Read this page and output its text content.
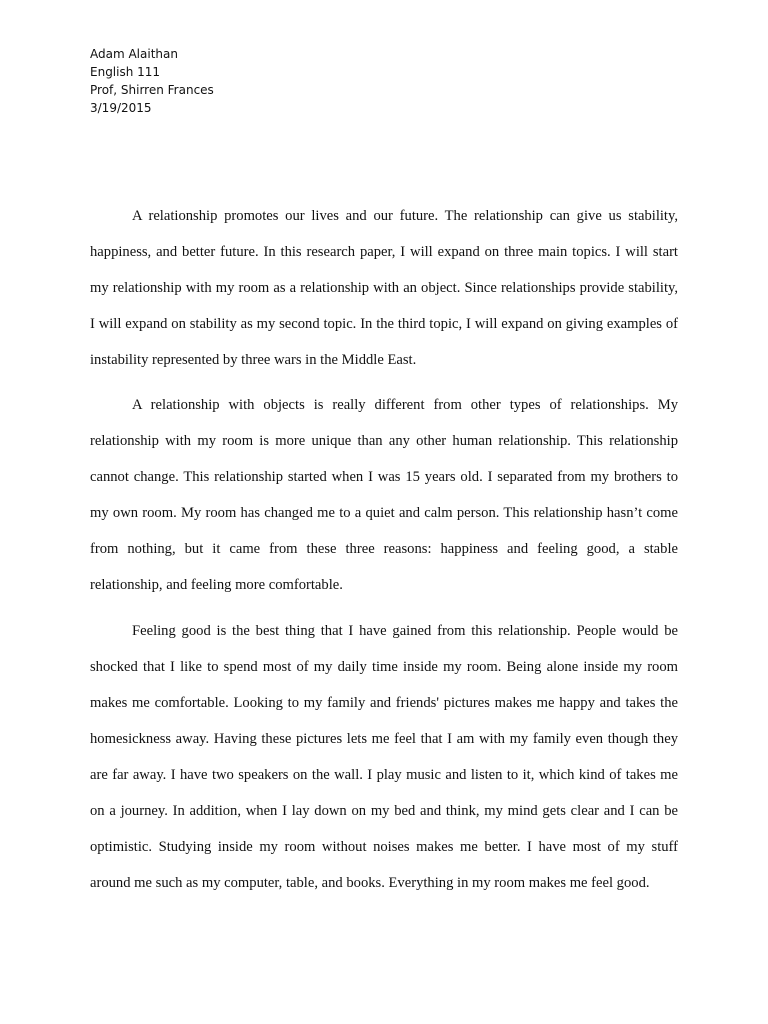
Adam Alaithan
English 111
Prof, Shirren Frances
3/19/2015

A relationship promotes our lives and our future. The relationship can give us stability, happiness, and better future. In this research paper, I will expand on three main topics. I will start my relationship with my room as a relationship with an object. Since relationships provide stability, I will expand on stability as my second topic. In the third topic, I will expand on giving examples of instability represented by three wars in the Middle East.

A relationship with objects is really different from other types of relationships. My relationship with my room is more unique than any other human relationship. This relationship cannot change. This relationship started when I was 15 years old. I separated from my brothers to my own room. My room has changed me to a quiet and calm person. This relationship hasn’t come from nothing, but it came from these three reasons: happiness and feeling good, a stable relationship, and feeling more comfortable.

Feeling good is the best thing that I have gained from this relationship. People would be shocked that I like to spend most of my daily time inside my room. Being alone inside my room makes me comfortable. Looking to my family and friends' pictures makes me happy and takes the homesickness away. Having these pictures lets me feel that I am with my family even though they are far away. I have two speakers on the wall. I play music and listen to it, which kind of takes me on a journey. In addition, when I lay down on my bed and think, my mind gets clear and I can be optimistic. Studying inside my room without noises makes me better. I have most of my stuff around me such as my computer, table, and books. Everything in my room makes me feel good.
